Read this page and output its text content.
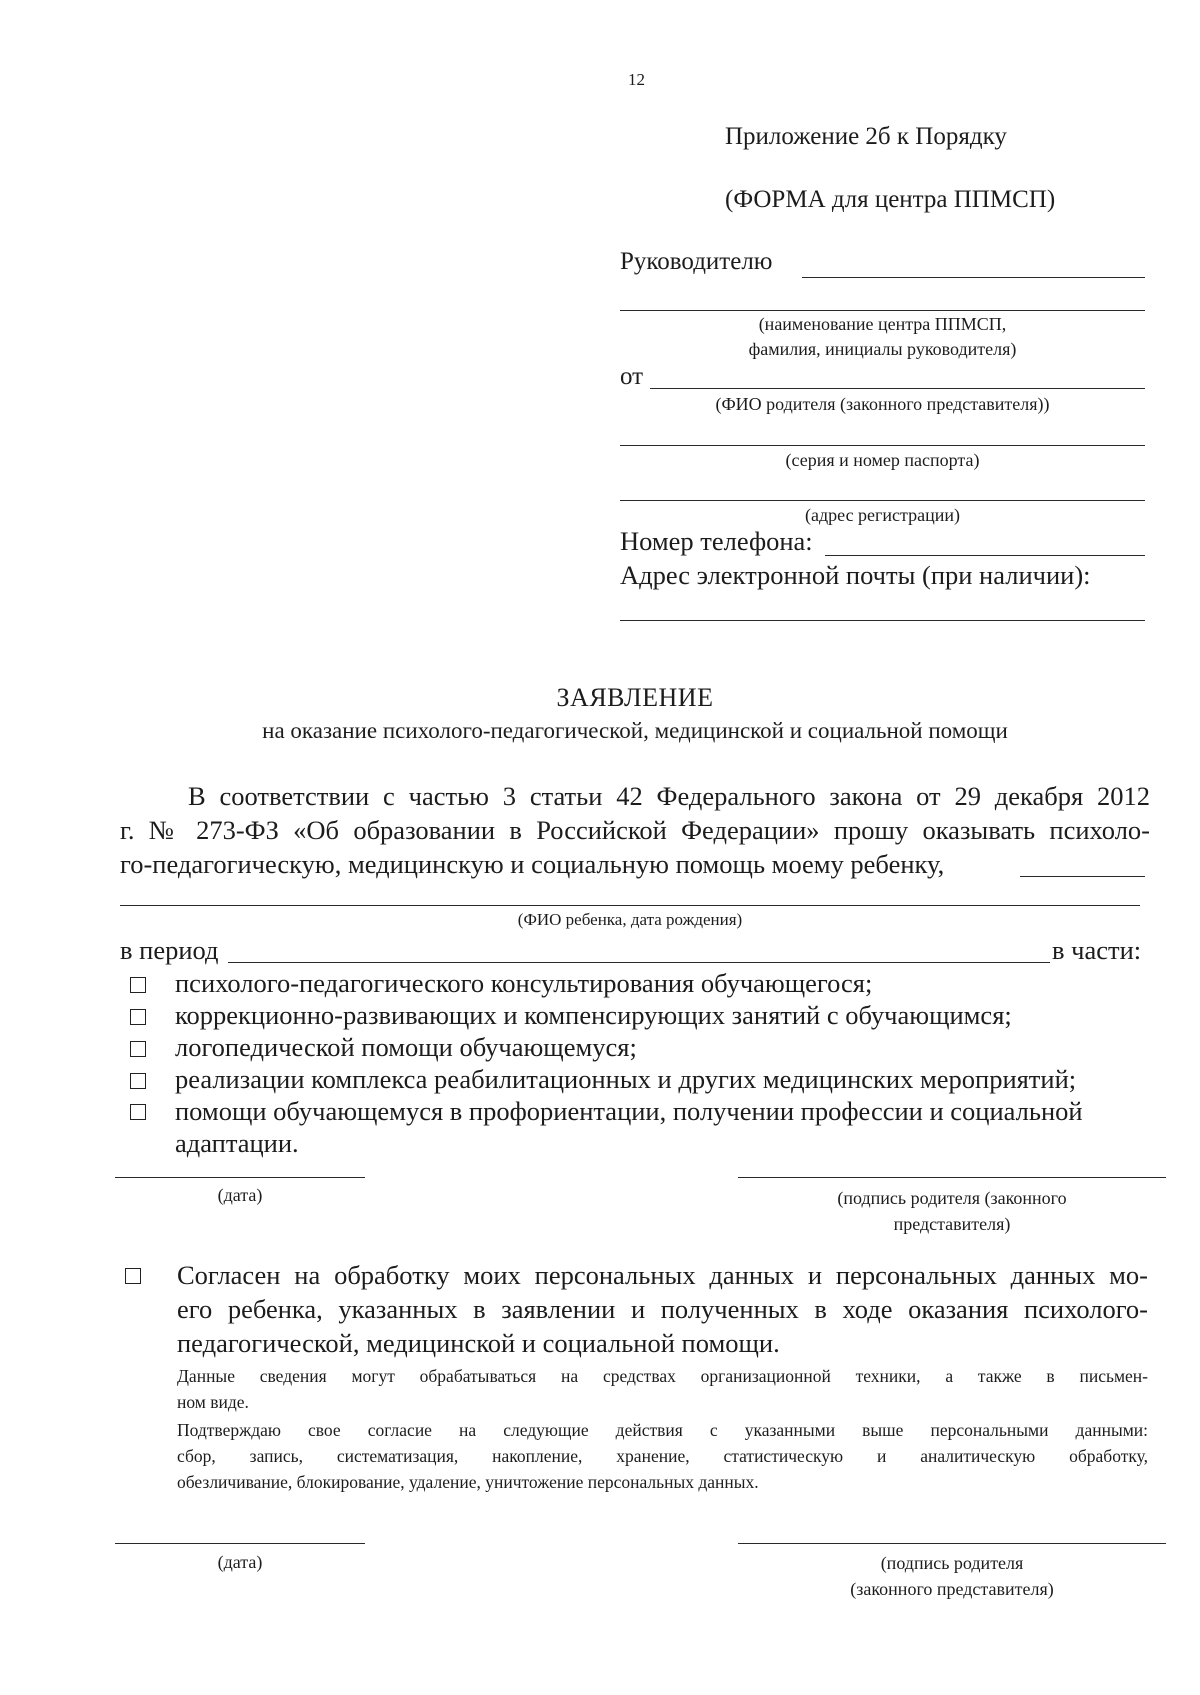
12
Приложение 2б к Порядку
(ФОРМА для центра ППМСП)
Руководителю
(наименование центра ППМСП,
фамилия, инициалы руководителя)
от
(ФИО родителя (законного представителя))
(серия и номер паспорта)
(адрес регистрации)
Номер телефона:
Адрес электронной почты (при наличии):
ЗАЯВЛЕНИЕ
на оказание психолого-педагогической, медицинской и социальной помощи
В соответствии с частью 3 статьи 42 Федерального закона от 29 декабря 2012
г. № 273-ФЗ «Об образовании в Российской Федерации» прошу оказывать психоло-
го-педагогическую, медицинскую и социальную помощь моему ребенку,
(ФИО ребенка, дата рождения)
в период	в части:
психолого-педагогического консультирования обучающегося;
коррекционно-развивающих и компенсирующих занятий с обучающимся;
логопедической помощи обучающемуся;
реализации комплекса реабилитационных и других медицинских мероприятий;
помощи обучающемуся в профориентации, получении профессии и социальной
адаптации.
(дата)	(подпись родителя (законного
представителя)
Согласен на обработку моих персональных данных и персональных данных мо-
его ребенка, указанных в заявлении и полученных в ходе оказания психолого-
педагогической, медицинской и социальной помощи.
Данные сведения могут обрабатываться на средствах организационной техники, а также в письмен-
ном виде.
Подтверждаю свое согласие на следующие действия с указанными выше персональными данными:
сбор, запись, систематизация, накопление, хранение, статистическую и аналитическую обработку,
обезличивание, блокирование, удаление, уничтожение персональных данных.
(дата)	(подпись родителя
(законного представителя)
